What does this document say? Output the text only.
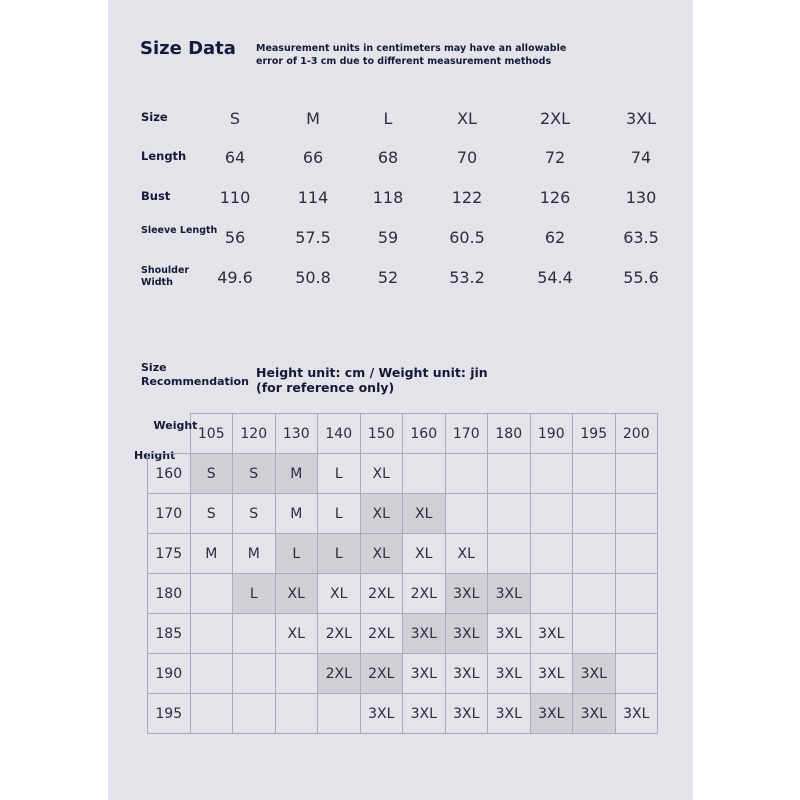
Size Data Measurement units in centimeters may have an allowable error of 1-3 cm due to different measurement methods
Size	S	M	L	XL	2XL	3XL
Length	64	66	68	70	72	74
Bust	110	114	118	122	126	130
Sleeve Length 56	57.5	59	60.5	62	63.5
Shoulder Width	49.6	50.8	52	53.2	54.4	55.6
Size Recommendation
Height unit: cm / Weight unit: jin (for reference only)
Height
Weight	105	120	130	140	150	160	170	180	190	195	200
160	S	S	M	L	XL						
170	S	S	M	L	XL	XL					
175	M	M	L	L	XL	XL	XL				
180		L	XL	XL	2XL	2XL	3XL	3XL			
185			XL	2XL	2XL	3XL	3XL	3XL	3XL		
190				2XL	2XL	3XL	3XL	3XL	3XL	3XL	
195					3XL	3XL	3XL	3XL	3XL	3XL	3XL
